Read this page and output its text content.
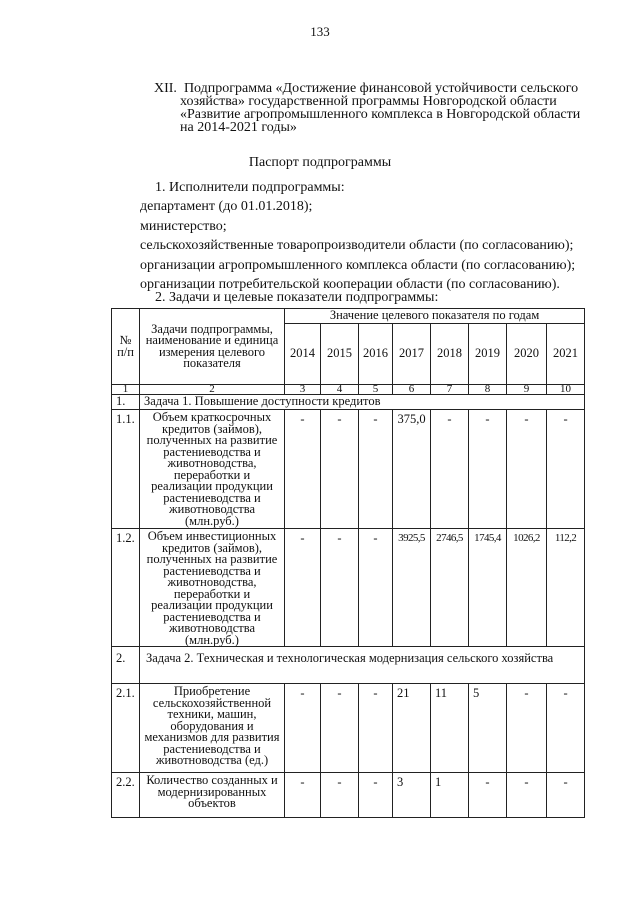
133
XII. Подпрограмма «Достижение финансовой устойчивости сельского
хозяйства» государственной программы Новгородской области
«Развитие агропромышленного комплекса в Новгородской области
на 2014-2021 годы»
Паспорт подпрограммы
1. Исполнители подпрограммы:
департамент (до 01.01.2018);
министерство;
сельскохозяйственные товаропроизводители области (по согласованию);
организации агропромышленного комплекса области (по согласованию);
организации потребительской кооперации области (по согласованию).
2. Задачи и целевые показатели подпрограммы:
№ п/п	Задачи подпрограммы, наименование и единица измерения целевого показателя	Значение целевого показателя по годам							
		2014	2015	2016	2017	2018	2019	2020	2021
1	2	3	4	5	6	7	8	9	10
1.	Задача 1. Повышение доступности кредитов								
1.1.	Объем краткосрочных кредитов (займов), полученных на развитие растениеводства и животноводства, переработки и реализации продукции растениеводства и животноводства (млн.руб.)	-	-	-	375,0	-	-	-	-
1.2.	Объем инвестиционных кредитов (займов), полученных на развитие растениеводства и животноводства, переработки и реализации продукции растениеводства и животноводства (млн.руб.)	-	-	-	3925,5	2746,5	1745,4	1026,2	112,2
2.	Задача 2. Техническая и технологическая модернизация сельского хозяйства								
2.1.	Приобретение сельскохозяйственной техники, машин, оборудования и механизмов для развития растениеводства и животноводства (ед.)	-	-	-	21	11	5	-	-
2.2.	Количество созданных и модернизированных объектов	-	-	-	3	1	-	-	-
